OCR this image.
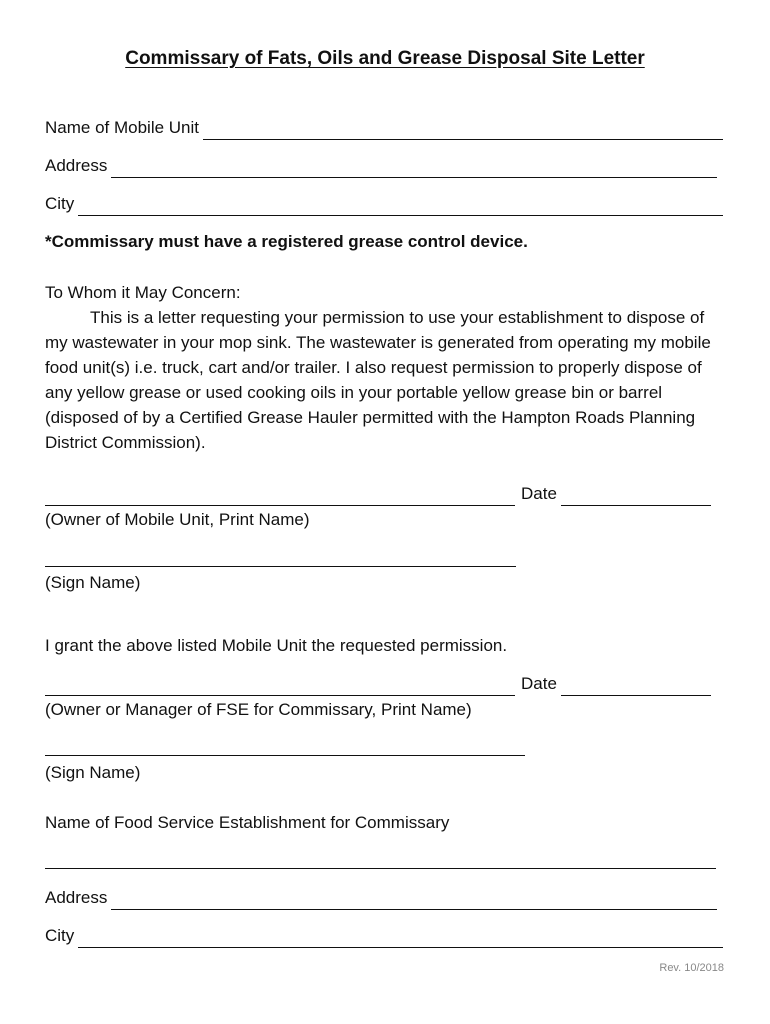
Commissary of Fats, Oils and Grease Disposal Site Letter
Name of Mobile Unit
Address
City
*Commissary must have a registered grease control device.
To Whom it May Concern:
This is a letter requesting your permission to use your establishment to dispose of my wastewater in your mop sink. The wastewater is generated from operating my mobile food unit(s) i.e. truck, cart and/or trailer. I also request permission to properly dispose of any yellow grease or used cooking oils in your portable yellow grease bin or barrel (disposed of by a Certified Grease Hauler permitted with the Hampton Roads Planning District Commission).
Date
(Owner of Mobile Unit, Print Name)
(Sign Name)
I grant the above listed Mobile Unit the requested permission.
Date
(Owner or Manager of FSE for Commissary, Print Name)
(Sign Name)
Name of Food Service Establishment for Commissary
Address
City
Rev. 10/2018
